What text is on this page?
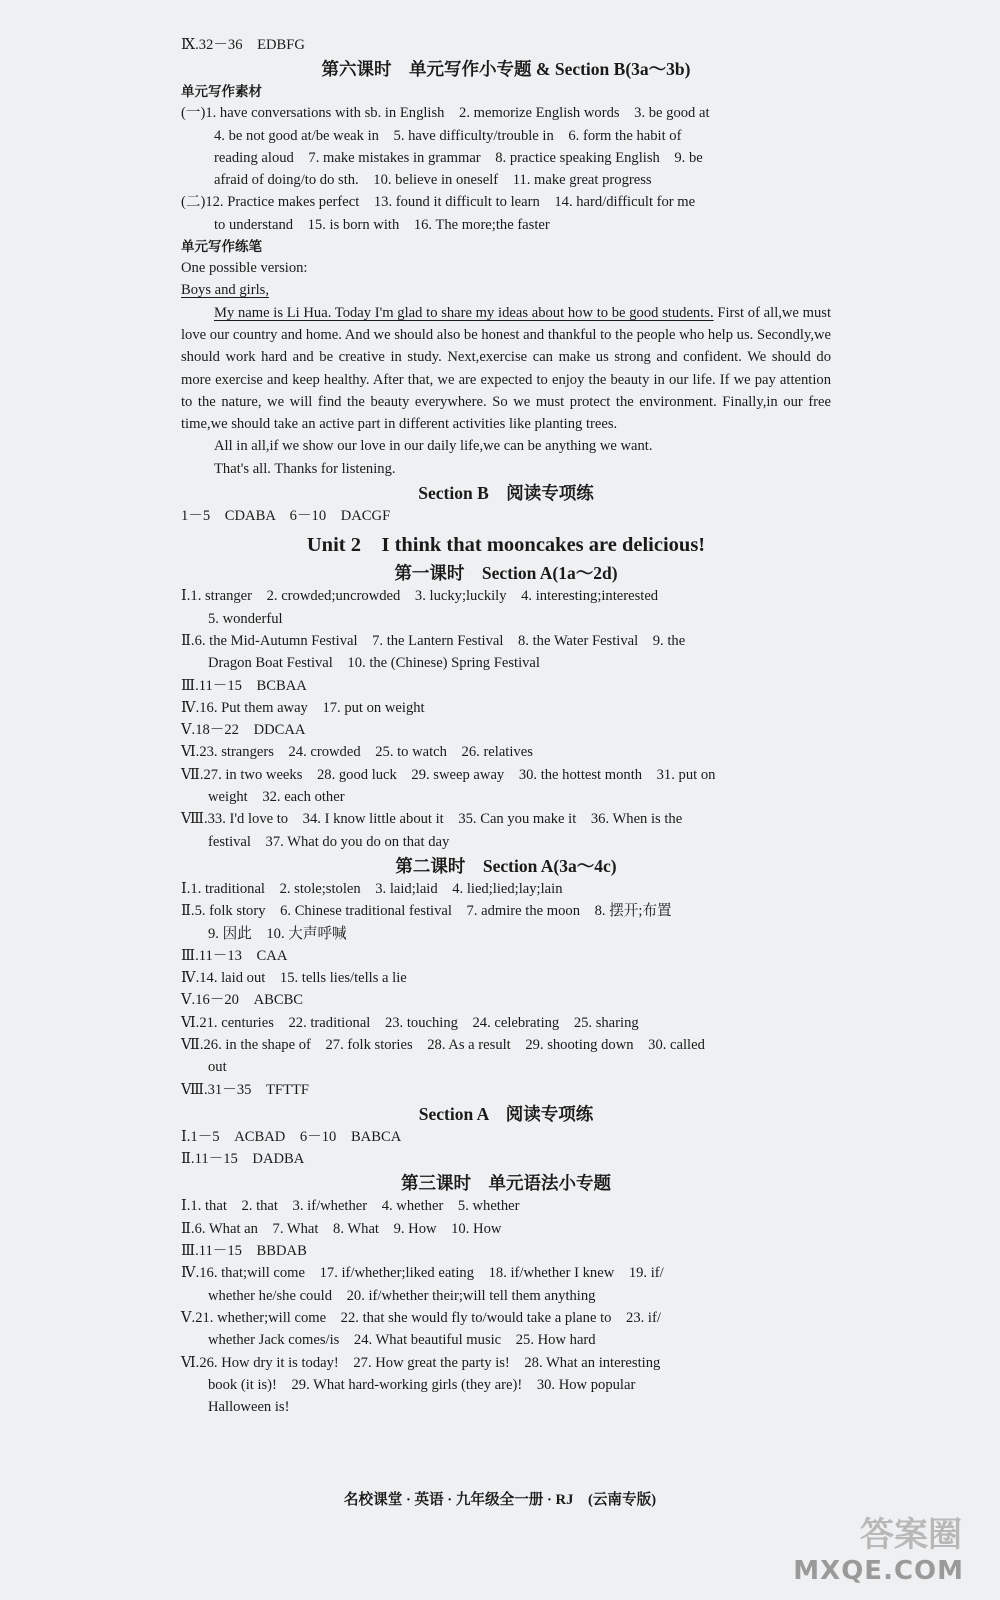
Ⅸ.32－36　EDBFG
第六课时　单元写作小专题 & Section B(3a～3b)
单元写作素材
(一)1. have conversations with sb. in English　2. memorize English words　3. be good at
4. be not good at/be weak in　5. have difficulty/trouble in　6. form the habit of
reading aloud　7. make mistakes in grammar　8. practice speaking English　9. be
afraid of doing/to do sth.　10. believe in oneself　11. make great progress
(二)12. Practice makes perfect　13. found it difficult to learn　14. hard/difficult for me
to understand　15. is born with　16. The more;the faster
单元写作练笔
One possible version:
Boys and girls,
My name is Li Hua. Today I'm glad to share my ideas about how to be good students. First of all,we must love our country and home. And we should also be honest and thankful to the people who help us. Secondly,we should work hard and be creative in study. Next,exercise can make us strong and confident. We should do more exercise and keep healthy. After that, we are expected to enjoy the beauty in our life. If we pay attention to the nature, we will find the beauty everywhere. So we must protect the environment. Finally,in our free time,we should take an active part in different activities like planting trees.
All in all,if we show our love in our daily life,we can be anything we want.
That's all. Thanks for listening.
Section B　阅读专项练
1－5　CDABA　6－10　DACGF
Unit 2　I think that mooncakes are delicious!
第一课时　Section A(1a～2d)
Ⅰ.1. stranger　2. crowded;uncrowded　3. lucky;luckily　4. interesting;interested
5. wonderful
Ⅱ.6. the Mid-Autumn Festival　7. the Lantern Festival　8. the Water Festival　9. the
Dragon Boat Festival　10. the (Chinese) Spring Festival
Ⅲ.11－15　BCBAA
Ⅳ.16. Put them away　17. put on weight
Ⅴ.18－22　DDCAA
Ⅵ.23. strangers　24. crowded　25. to watch　26. relatives
Ⅶ.27. in two weeks　28. good luck　29. sweep away　30. the hottest month　31. put on
weight　32. each other
Ⅷ.33. I'd love to　34. I know little about it　35. Can you make it　36. When is the
festival　37. What do you do on that day
第二课时　Section A(3a～4c)
Ⅰ.1. traditional　2. stole;stolen　3. laid;laid　4. lied;lied;lay;lain
Ⅱ.5. folk story　6. Chinese traditional festival　7. admire the moon　8. 摆开;布置
9. 因此　10. 大声呼喊
Ⅲ.11－13　CAA
Ⅳ.14. laid out　15. tells lies/tells a lie
Ⅴ.16－20　ABCBC
Ⅵ.21. centuries　22. traditional　23. touching　24. celebrating　25. sharing
Ⅶ.26. in the shape of　27. folk stories　28. As a result　29. shooting down　30. called
out
Ⅷ.31－35　TFTTF
Section A　阅读专项练
Ⅰ.1－5　ACBAD　6－10　BABCA
Ⅱ.11－15　DADBA
第三课时　单元语法小专题
Ⅰ.1. that　2. that　3. if/whether　4. whether　5. whether
Ⅱ.6. What an　7. What　8. What　9. How　10. How
Ⅲ.11－15　BBDAB
Ⅳ.16. that;will come　17. if/whether;liked eating　18. if/whether I knew　19. if/
whether he/she could　20. if/whether their;will tell them anything
Ⅴ.21. whether;will come　22. that she would fly to/would take a plane to　23. if/
whether Jack comes/is　24. What beautiful music　25. How hard
Ⅵ.26. How dry it is today!　27. How great the party is!　28. What an interesting
book (it is)!　29. What hard-working girls (they are)!　30. How popular
Halloween is!
名校课堂 · 英语 · 九年级全一册 · RJ　(云南专版)
答案圈
MXQE.COM
